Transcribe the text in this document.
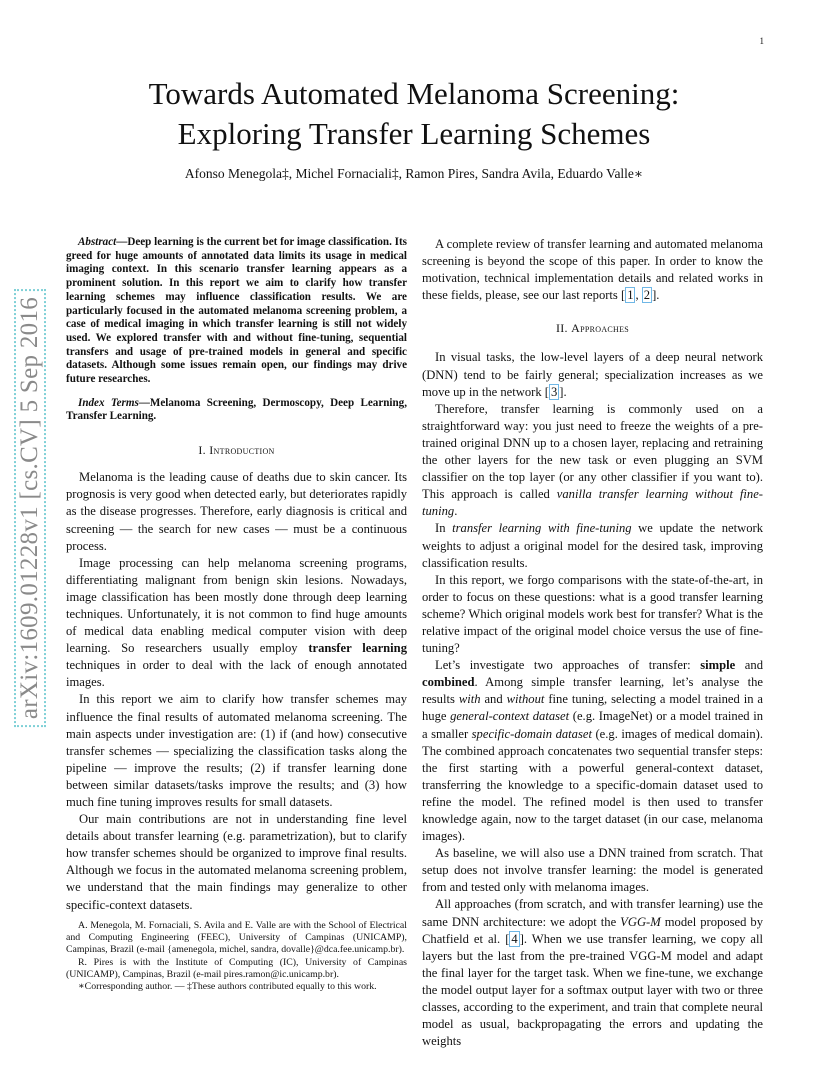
1
arXiv:1609.01228v1 [cs.CV] 5 Sep 2016
Towards Automated Melanoma Screening:
Exploring Transfer Learning Schemes
Afonso Menegola‡, Michel Fornaciali‡, Ramon Pires, Sandra Avila, Eduardo Valle∗

Abstract—Deep learning is the current bet for image classification. Its greed for huge amounts of annotated data limits its usage in medical imaging context. In this scenario transfer learning appears as a prominent solution. In this report we aim to clarify how transfer learning schemes may influence classification results. We are particularly focused in the automated melanoma screening problem, a case of medical imaging in which transfer learning is still not widely used. We explored transfer with and without fine-tuning, sequential transfers and usage of pre-trained models in general and specific datasets. Although some issues remain open, our findings may drive future researches.

Index Terms—Melanoma Screening, Dermoscopy, Deep Learning, Transfer Learning.

I. Introduction

Melanoma is the leading cause of deaths due to skin cancer. Its prognosis is very good when detected early, but deteriorates rapidly as the disease progresses. Therefore, early diagnosis is critical and screening — the search for new cases — must be a continuous process.

Image processing can help melanoma screening programs, differentiating malignant from benign skin lesions. Nowadays, image classification has been mostly done through deep learning techniques. Unfortunately, it is not common to find huge amounts of medical data enabling medical computer vision with deep learning. So researchers usually employ transfer learning techniques in order to deal with the lack of enough annotated images.

In this report we aim to clarify how transfer schemes may influence the final results of automated melanoma screening. The main aspects under investigation are: (1) if (and how) consecutive transfer schemes — specializing the classification tasks along the pipeline — improve the results; (2) if transfer learning done between similar datasets/tasks improve the results; and (3) how much fine tuning improves results for small datasets.

Our main contributions are not in understanding fine level details about transfer learning (e.g. parametrization), but to clarify how transfer schemes should be organized to improve final results. Although we focus in the automated melanoma screening problem, we understand that the main findings may generalize to other specific-context datasets.

A. Menegola, M. Fornaciali, S. Avila and E. Valle are with the School of Electrical and Computing Engineering (FEEC), University of Campinas (UNICAMP), Campinas, Brazil (e-mail {amenegola, michel, sandra, dovalle}@dca.fee.unicamp.br).

R. Pires is with the Institute of Computing (IC), University of Campinas (UNICAMP), Campinas, Brazil (e-mail pires.ramon@ic.unicamp.br).

∗Corresponding author. — ‡These authors contributed equally to this work.

A complete review of transfer learning and automated melanoma screening is beyond the scope of this paper. In order to know the motivation, technical implementation details and related works in these fields, please, see our last reports [ 1 , 2 ].

II. Approaches

In visual tasks, the low-level layers of a deep neural network (DNN) tend to be fairly general; specialization increases as we move up in the network [ 3 ].

Therefore, transfer learning is commonly used on a straightforward way: you just need to freeze the weights of a pre-trained original DNN up to a chosen layer, replacing and retraining the other layers for the new task or even plugging an SVM classifier on the top layer (or any other classifier if you want to). This approach is called vanilla transfer learning without fine-tuning.

In transfer learning with fine-tuning we update the network weights to adjust a original model for the desired task, improving classification results.

In this report, we forgo comparisons with the state-of-the-art, in order to focus on these questions: what is a good transfer learning scheme? Which original models work best for transfer? What is the relative impact of the original model choice versus the use of fine-tuning?

Let’s investigate two approaches of transfer: simple and combined. Among simple transfer learning, let’s analyse the results with and without fine tuning, selecting a model trained in a huge general-context dataset (e.g. ImageNet) or a model trained in a smaller specific-domain dataset (e.g. images of medical domain). The combined approach concatenates two sequential transfer steps: the first starting with a powerful general-context dataset, transferring the knowledge to a specific-domain dataset used to refine the model. The refined model is then used to transfer knowledge again, now to the target dataset (in our case, melanoma images).

As baseline, we will also use a DNN trained from scratch. That setup does not involve transfer learning: the model is generated from and tested only with melanoma images.

All approaches (from scratch, and with transfer learning) use the same DNN architecture: we adopt the VGG-M model proposed by Chatfield et al. [ 4 ]. When we use transfer learning, we copy all layers but the last from the pre-trained VGG-M model and adapt the final layer for the target task. When we fine-tune, we exchange the model output layer for a softmax output layer with two or three classes, according to the experiment, and train that complete neural model as usual, backpropagating the errors and updating the weights
